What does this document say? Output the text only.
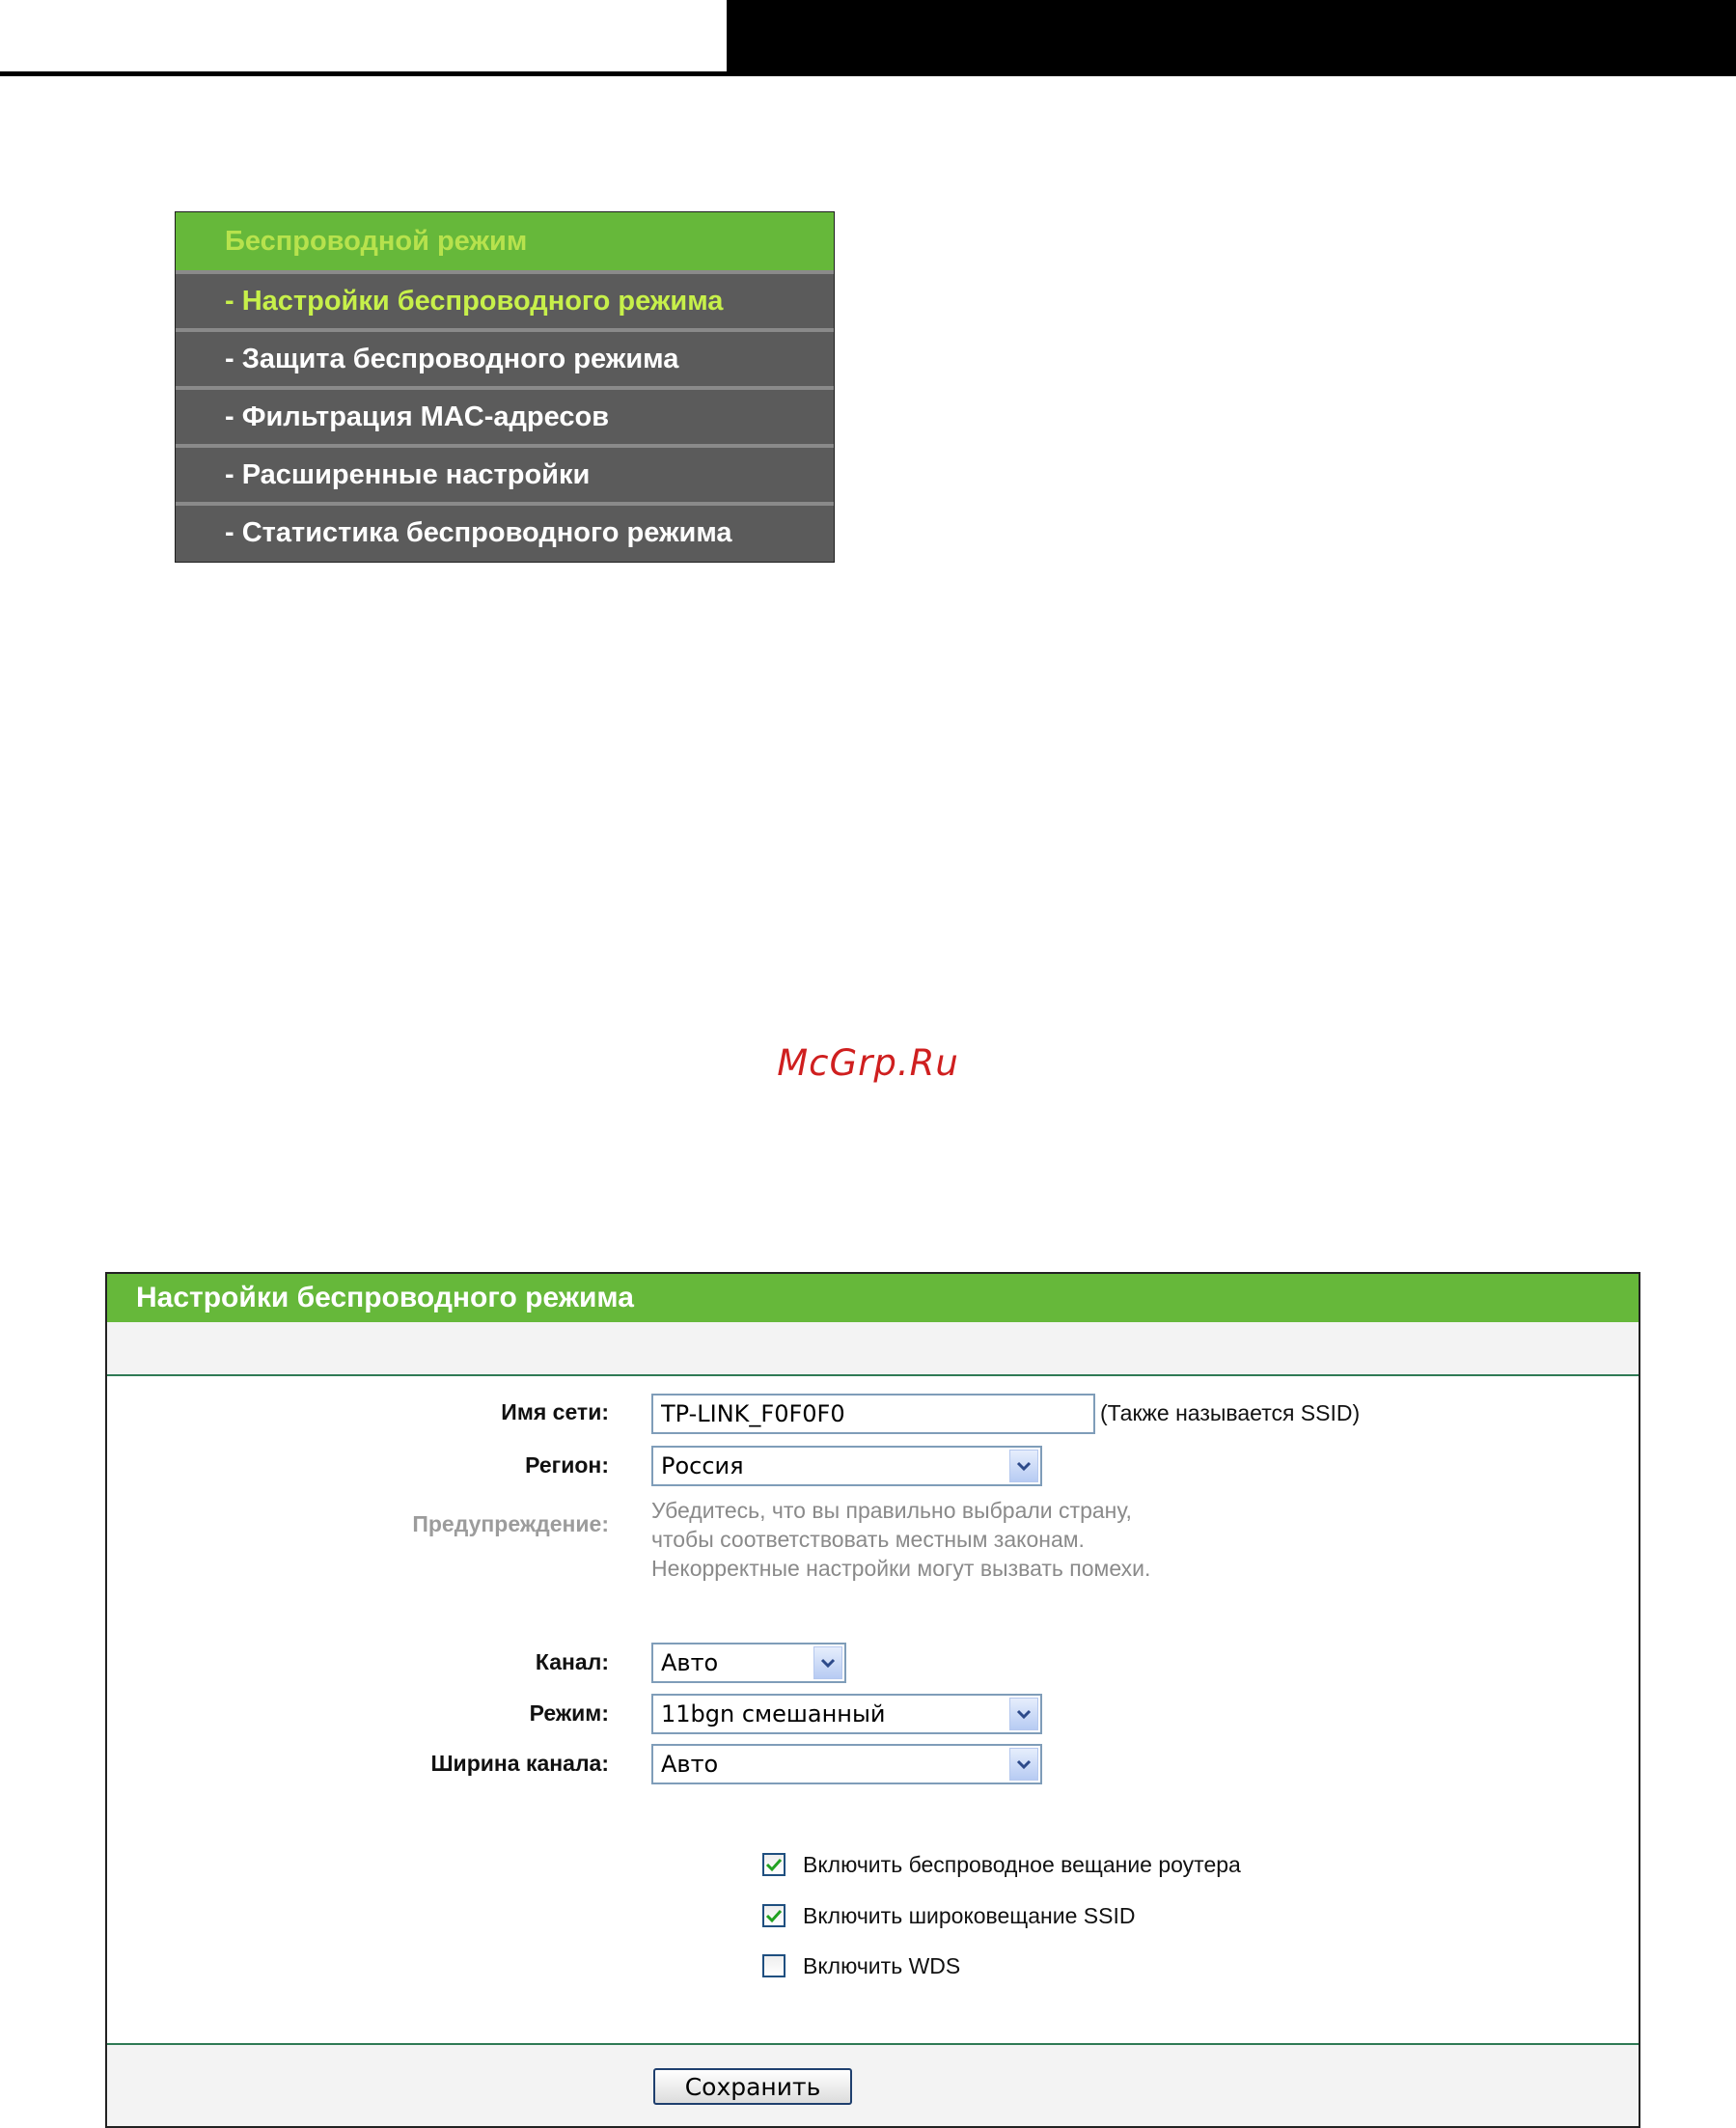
Беспроводной режим
- Настройки беспроводного режима
- Защита беспроводного режима
- Фильтрация MAC-адресов
- Расширенные настройки
- Статистика беспроводного режима
McGrp.Ru
Настройки беспроводного режима
Имя сети:
TP-LINK_F0F0F0	(Также называется SSID)
Регион:	Россия
Предупреждение:
Убедитесь, что вы правильно выбрали страну,
чтобы соответствовать местным законам.
Некорректные настройки могут вызвать помехи.
Канал:	Авто
Режим:	11bgn смешанный
Ширина канала:	Авто
Включить беспроводное вещание роутера
Включить широковещание SSID
Включить WDS
Сохранить
